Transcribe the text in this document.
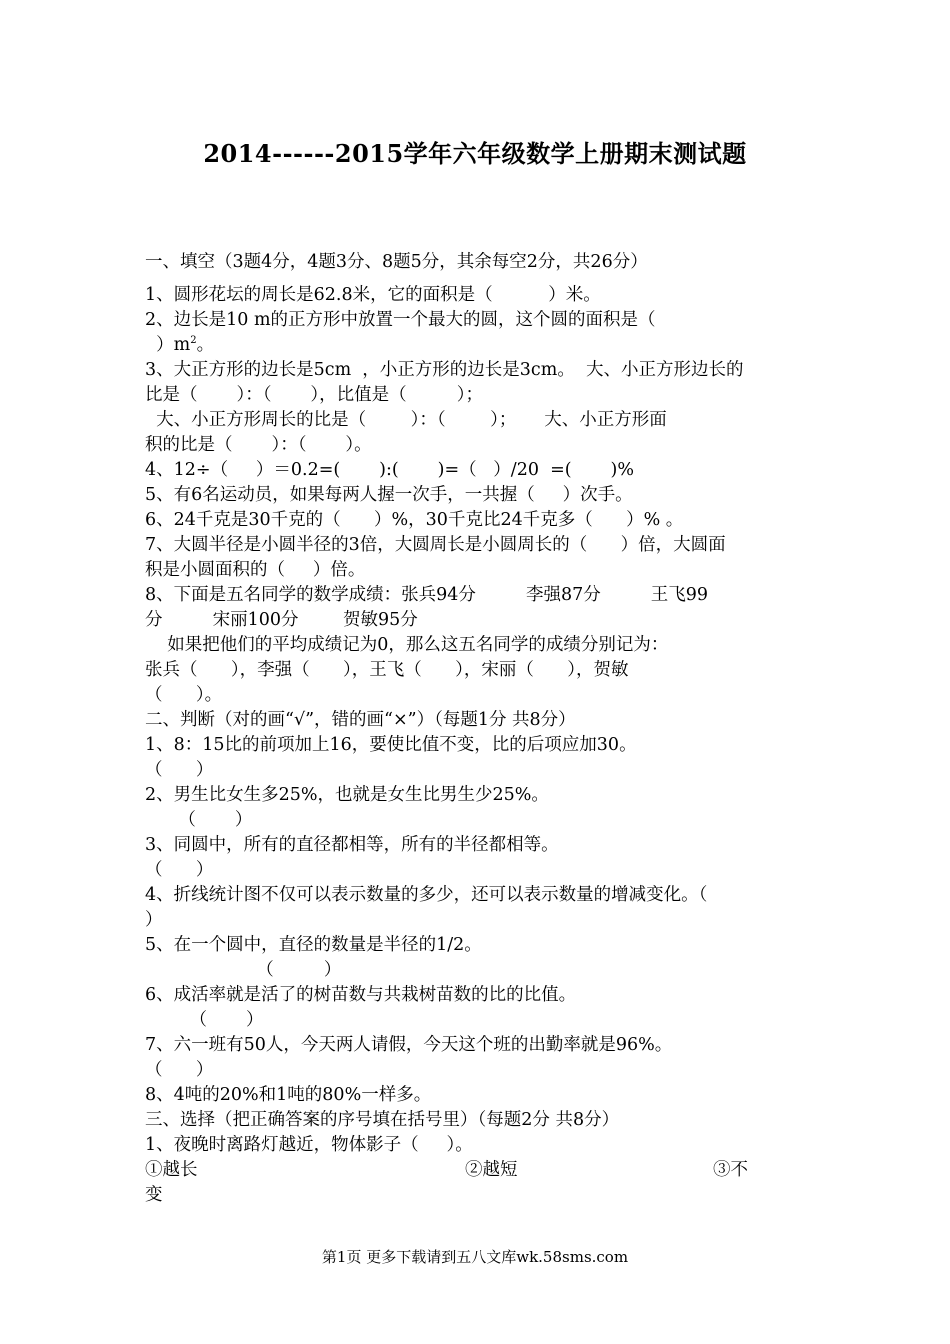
2014------2015学年六年级数学上册期末测试题
一、填空（3题4分，4题3分、8题5分，其余每空2分，共26分）
1、圆形花坛的周长是62.8米，它的面积是（          ）米。
2、边长是10 m的正方形中放置一个最大的圆，这个圆的面积是（
）$m^2$。
3、大正方形的边长是5cm  ，小正方形的边长是3cm。  大、小正方形边长的
比是（       ）：（       ），比值是（         ）；
大、小正方形周长的比是（        ）：（        ）；     大、小正方形面
积的比是（       ）：（       ）。
4、12÷（     ）＝0.2=(       ):(       )=（   ）/20  =(       )%
5、有6名运动员，如果每两人握一次手，一共握（     ）次手。
6、24千克是30千克的（      ）%，30千克比24千克多（      ）% 。
7、大圆半径是小圆半径的3倍，大圆周长是小圆周长的（      ）倍，大圆面
积是小圆面积的（     ）倍。
8、下面是五名同学的数学成绩：张兵94分         李强87分         王飞99
分         宋丽100分        贺敏95分
如果把他们的平均成绩记为0，那么这五名同学的成绩分别记为：
张兵（      ），李强（      ），王飞（      ），宋丽（      ），贺敏
（      ）。
二、判断（对的画“√”，错的画“×”）（每题1分 共8分）
1、8：15比的前项加上16，要使比值不变，比的后项应加30。
（      ）
2、男生比女生多25%，也就是女生比男生少25%。
（       ）
3、同圆中，所有的直径都相等，所有的半径都相等。
（      ）
4、折线统计图不仅可以表示数量的多少，还可以表示数量的增减变化。（
）
5、在一个圆中，直径的数量是半径的1/2。
（         ）
6、成活率就是活了的树苗数与共栽树苗数的比的比值。
（       ）
7、六一班有50人，今天两人请假，今天这个班的出勤率就是96%。
（      ）
8、4吨的20%和1吨的80%一样多。
三、选择（把正确答案的序号填在括号里）（每题2分 共8分）
1、夜晚时离路灯越近，物体影子（     ）。
①越长	②越短	③不
变
第1页 更多下载请到五八文库wk.58sms.com
